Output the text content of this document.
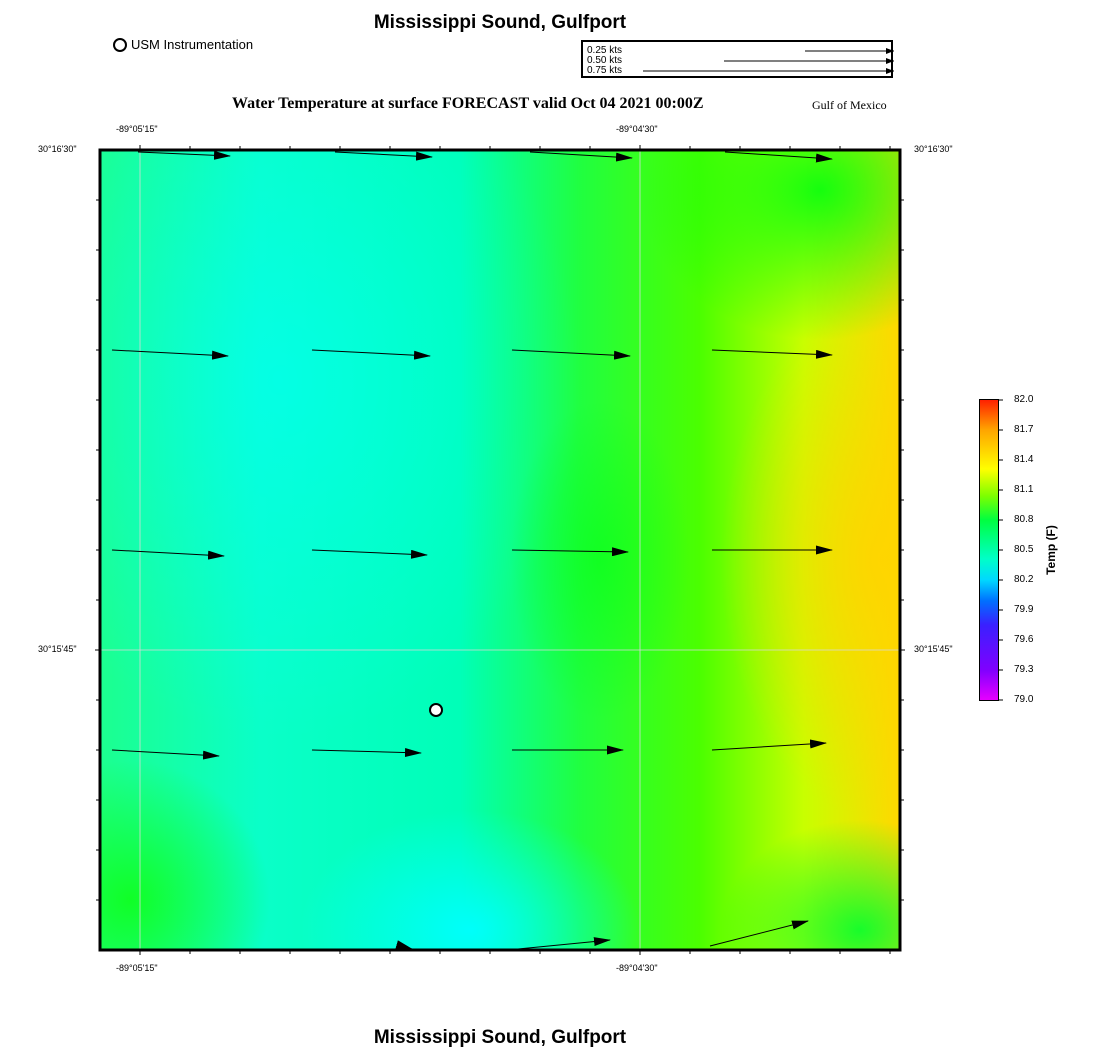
Mississippi Sound, Gulfport
USM Instrumentation	0.25 kts
0.50 kts
0.75 kts
Water Temperature at surface FORECAST valid Oct 04 2021 00:00Z	Gulf of Mexico
-89°05'15"	-89°04'30"
-89°05'15"	-89°04'30"
30°16'30"
30°15'45"
30°16'30"
30°15'45"
82.0
81.7
81.4
81.1
80.8
80.5
80.2
79.9
79.6
79.3
79.0
Temp (F)
Mississippi Sound, Gulfport
